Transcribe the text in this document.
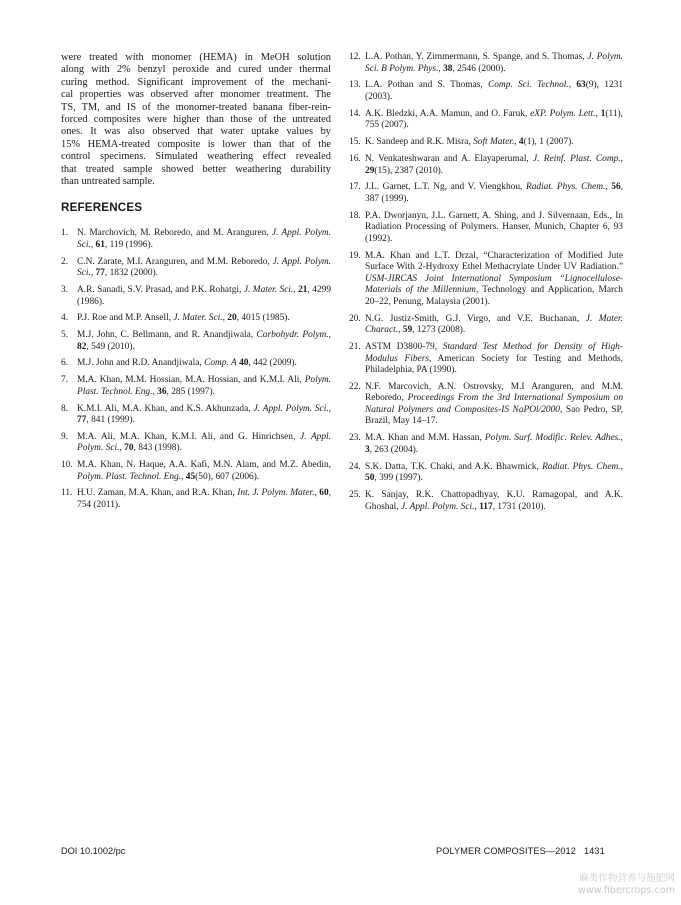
were treated with monomer (HEMA) in MeOH solution
along with 2% benzyl peroxide and cured under thermal
curing method. Significant improvement of the mechani-
cal properties was observed after monomer treatment. The
TS, TM, and IS of the monomer-treated banana fiber-rein-
forced composites were higher than those of the untreated
ones. It was also observed that water uptake values by
15% HEMA-treated composite is lower than that of the
control specimens. Simulated weathering effect revealed
that treated sample showed better weathering durability
than untreated sample.

REFERENCES
1. N. Marchovich, M. Reboredo, and M. Aranguren, J. Appl. Polym. Sci., 61, 119 (1996).
2. C.N. Zarate, M.I. Aranguren, and M.M. Reboredo, J. Appl. Polym. Sci., 77, 1832 (2000).
3. A.R. Sanadi, S.V. Prasad, and P.K. Rohatgi, J. Mater. Sci., 21, 4299 (1986).
4. P.J. Roe and M.P. Ansell, J. Mater. Sci., 20, 4015 (1985).
5. M.J. John, C. Bellmann, and R. Anandjiwala, Carbohydr. Polym., 82, 549 (2010).
6. M.J. John and R.D. Anandjiwala, Comp. A 40, 442 (2009).
7. M.A. Khan, M.M. Hossian, M.A. Hossian, and K.M.I. Ali, Polym. Plast. Technol. Eng., 36, 285 (1997).
8. K.M.I. Ali, M.A. Khan, and K.S. Akhunzada, J. Appl. Polym. Sci., 77, 841 (1999).
9. M.A. Ali, M.A. Khan, K.M.I. Ali, and G. Hinrichsen, J. Appl. Polym. Sci., 70, 843 (1998).
10. M.A. Khan, N. Haque, A.A. Kafi, M.N. Alam, and M.Z. Abedin, Polym. Plast. Technol. Eng., 45(50), 607 (2006).
11. H.U. Zaman, M.A. Khan, and R.A. Khan, Int. J. Polym. Mater., 60, 754 (2011).
12. L.A. Pothan, Y. Zimmermann, S. Spange, and S. Thomas, J. Polym. Sci. B Polym. Phys., 38, 2546 (2000).
13. L.A. Pothan and S. Thomas, Comp. Sci. Technol., 63(9), 1231 (2003).
14. A.K. Bledzki, A.A. Mamun, and O. Faruk, eXP. Polym. Lett., 1(11), 755 (2007).
15. K. Sandeep and R.K. Misra, Soft Mater., 4(1), 1 (2007).
16. N. Venkateshwaran and A. Elayaperumal, J. Reinf. Plast. Comp., 29(15), 2387 (2010).
17. J.L. Garnet, L.T. Ng, and V. Viengkhou, Radiat. Phys. Chem., 56, 387 (1999).
18. P.A. Dworjanyn, J.L. Garnett, A. Shing, and J. Silvernaan, Eds., In Radiation Processing of Polymers. Hanser, Munich, Chapter 6, 93 (1992).
19. M.A. Khan and L.T. Drzal, “Characterization of Modified Jute Surface With 2-Hydroxy Ethel Methacrylate Under UV Radiation.” USM-JIRCAS Joint International Symposium “Lignocellulose-Materials of the Millennium, Technology and Application, March 20–22, Penung, Malaysia (2001).
20. N.G. Justiz-Smith, G.J. Virgo, and V.E. Buchanan, J. Mater. Charact., 59, 1273 (2008).
21. ASTM D3800-79, Standard Test Method for Density of High-Modulus Fibers, American Society for Testing and Methods, Philadelphia, PA (1990).
22. N.F. Marcovich, A.N. Ostrovsky, M.I Aranguren, and M.M. Reboredo, Proceedings From the 3rd International Symposium on Natural Polymers and Composites-IS NaPOl/2000, Sao Pedro, SP, Brazil, May 14–17.
23. M.A. Khan and M.M. Hassan, Polym. Surf. Modific. Relev. Adhes., 3, 263 (2004).
24. S.K. Datta, T.K. Chaki, and A.K. Bhawmick, Radiat. Phys. Chem., 50, 399 (1997).
25. K. Sanjay, R.K. Chattopadhyay, K.U. Ramagopal, and A.K. Ghoshal, J. Appl. Polym. Sci., 117, 1731 (2010).
DOI 10.1002/pc	POLYMER COMPOSITES—2012   1431
麻类作物营养与施肥网
www.fibercrops.com
